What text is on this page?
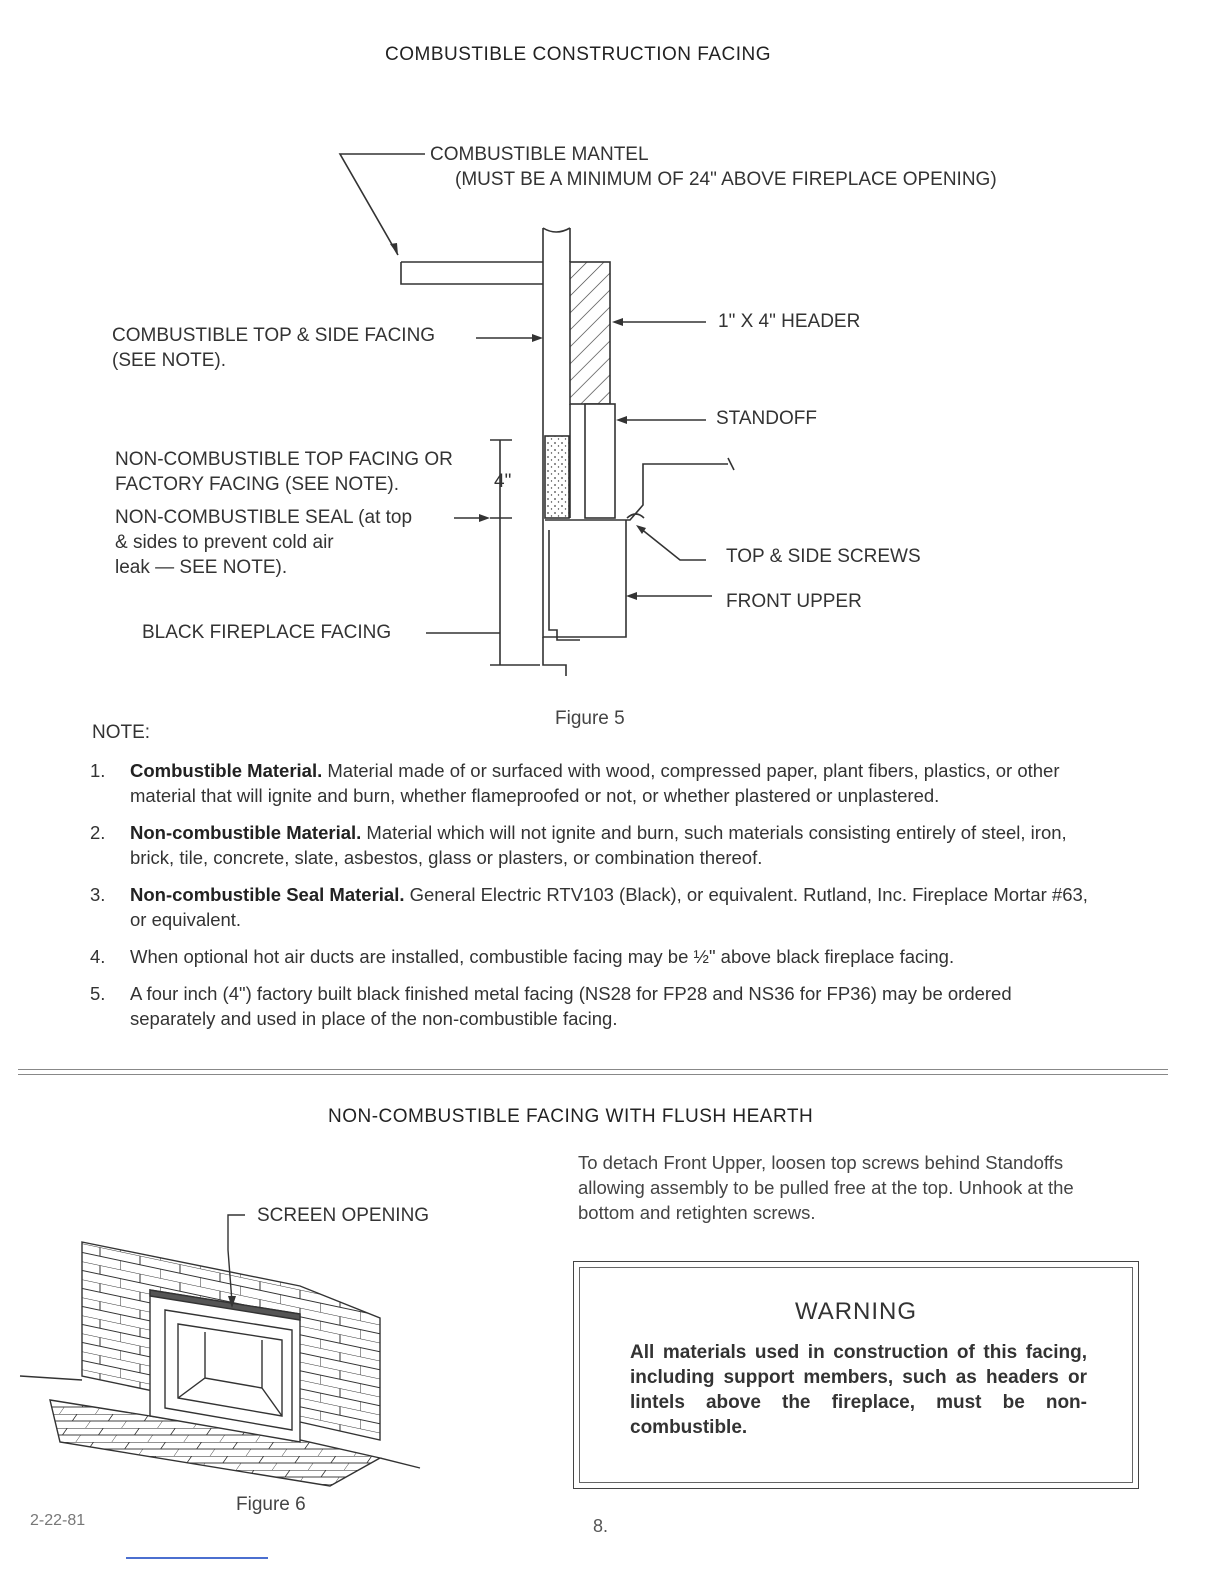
COMBUSTIBLE CONSTRUCTION FACING
COMBUSTIBLE MANTEL
(MUST BE A MINIMUM OF 24" ABOVE FIREPLACE OPENING)
1" X 4" HEADER
COMBUSTIBLE TOP & SIDE FACING
(SEE NOTE).
STANDOFF
NON-COMBUSTIBLE TOP FACING OR
FACTORY FACING (SEE NOTE).	4"
NON-COMBUSTIBLE SEAL (at top
& sides to prevent cold air
leak — SEE NOTE).
TOP & SIDE SCREWS
FRONT UPPER
BLACK FIREPLACE FACING
Figure 5
NOTE:
1. Combustible Material. Material made of or surfaced with wood, compressed paper, plant fibers, plastics, or other material that will ignite and burn, whether flameproofed or not, or whether plastered or unplastered.
2. Non-combustible Material. Material which will not ignite and burn, such materials consisting entirely of steel, iron, brick, tile, concrete, slate, asbestos, glass or plasters, or combination thereof.
3. Non-combustible Seal Material. General Electric RTV103 (Black), or equivalent. Rutland, Inc. Fireplace Mortar #63, or equivalent.
4. When optional hot air ducts are installed, combustible facing may be ½" above black fireplace facing.
5. A four inch (4") factory built black finished metal facing (NS28 for FP28 and NS36 for FP36) may be ordered separately and used in place of the non-combustible facing.
NON-COMBUSTIBLE FACING WITH FLUSH HEARTH
SCREEN OPENING
Figure 6
To detach Front Upper, loosen top screws behind Standoffs allowing assembly to be pulled free at the top. Unhook at the bottom and retighten screws.
WARNING
All materials used in construction of this facing, including support members, such as headers or lintels above the fireplace, must be non-combustible.
8.
2-22-81
